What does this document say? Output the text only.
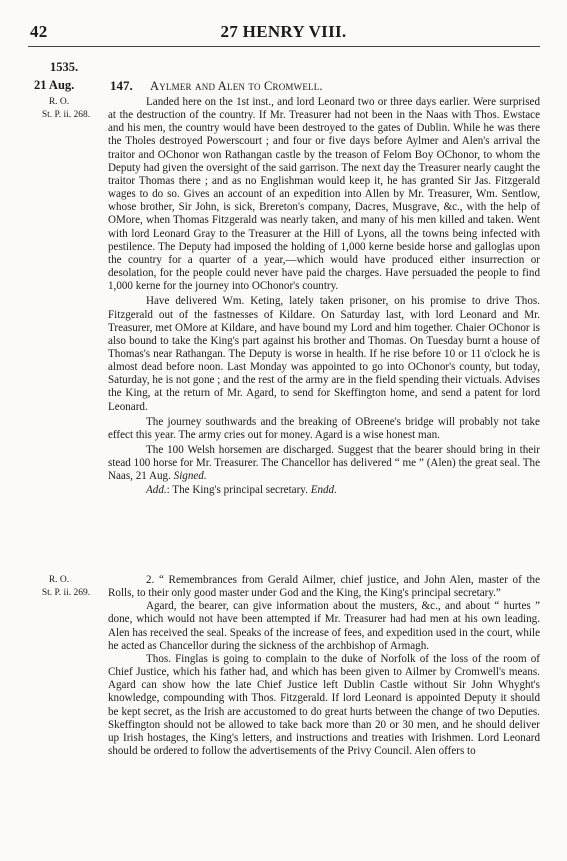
42	27 HENRY VIII.
1535.
21 Aug.	147. Aylmer and Alen to Cromwell.
R. O.
St. P. ii. 268.

Landed here on the 1st inst., and lord Leonard two or three days earlier. Were surprised at the destruction of the country. If Mr. Treasurer had not been in the Naas with Thos. Ewstace and his men, the country would have been destroyed to the gates of Dublin. While he was there the Tholes destroyed Powerscourt ; and four or five days before Aylmer and Alen's arrival the traitor and OChonor won Rathangan castle by the treason of Felom Boy OChonor, to whom the Deputy had given the oversight of the said garrison. The next day the Treasurer nearly caught the traitor Thomas there ; and as no Englishman would keep it, he has granted Sir Jas. Fitzgerald wages to do so. Gives an account of an expedition into Allen by Mr. Treasurer, Wm. Sentlow, whose brother, Sir John, is sick, Brereton's company, Dacres, Musgrave, &c., with the help of OMore, when Thomas Fitzgerald was nearly taken, and many of his men killed and taken. Went with lord Leonard Gray to the Treasurer at the Hill of Lyons, all the towns being infected with pestilence. The Deputy had imposed the holding of 1,000 kerne beside horse and galloglas upon the country for a quarter of a year,—which would have produced either insurrection or desolation, for the people could never have paid the charges. Have persuaded the people to find 1,000 kerne for the journey into OChonor's country.

Have delivered Wm. Keting, lately taken prisoner, on his promise to drive Thos. Fitzgerald out of the fastnesses of Kildare. On Saturday last, with lord Leonard and Mr. Treasurer, met OMore at Kildare, and have bound my Lord and him together. Chaier OChonor is also bound to take the King's part against his brother and Thomas. On Tuesday burnt a house of Thomas's near Rathangan. The Deputy is worse in health. If he rise before 10 or 11 o'clock he is almost dead before noon. Last Monday was appointed to go into OChonor's county, but today, Saturday, he is not gone ; and the rest of the army are in the field spending their victuals. Advises the King, at the return of Mr. Agard, to send for Skeffington home, and send a patent for lord Leonard.

The journey southwards and the breaking of OBreene's bridge will probably not take effect this year. The army cries out for money. Agard is a wise honest man.

The 100 Welsh horsemen are discharged. Suggest that the bearer should bring in their stead 100 horse for Mr. Treasurer. The Chancellor has delivered “ me ” (Alen) the great seal. The Naas, 21 Aug. Signed.

Add.: The King's principal secretary. Endd.

R. O.
St. P. ii. 269.

2. “ Remembrances from Gerald Ailmer, chief justice, and John Alen, master of the Rolls, to their only good master under God and the King, the King's principal secretary.”

Agard, the bearer, can give information about the musters, &c., and about “ hurtes ” done, which would not have been attempted if Mr. Treasurer had had men at his own leading. Alen has received the seal. Speaks of the increase of fees, and expedition used in the court, while he acted as Chancellor during the sickness of the archbishop of Armagh.

Thos. Finglas is going to complain to the duke of Norfolk of the loss of the room of Chief Justice, which his father had, and which has been given to Ailmer by Cromwell's means. Agard can show how the late Chief Justice left Dublin Castle without Sir John Whyght's knowledge, compounding with Thos. Fitzgerald. If lord Leonard is appointed Deputy it should be kept secret, as the Irish are accustomed to do great hurts between the change of two Deputies. Skeffington should not be allowed to take back more than 20 or 30 men, and he should deliver up Irish hostages, the King's letters, and instructions and treaties with Irishmen. Lord Leonard should be ordered to follow the advertisements of the Privy Council. Alen offers to
